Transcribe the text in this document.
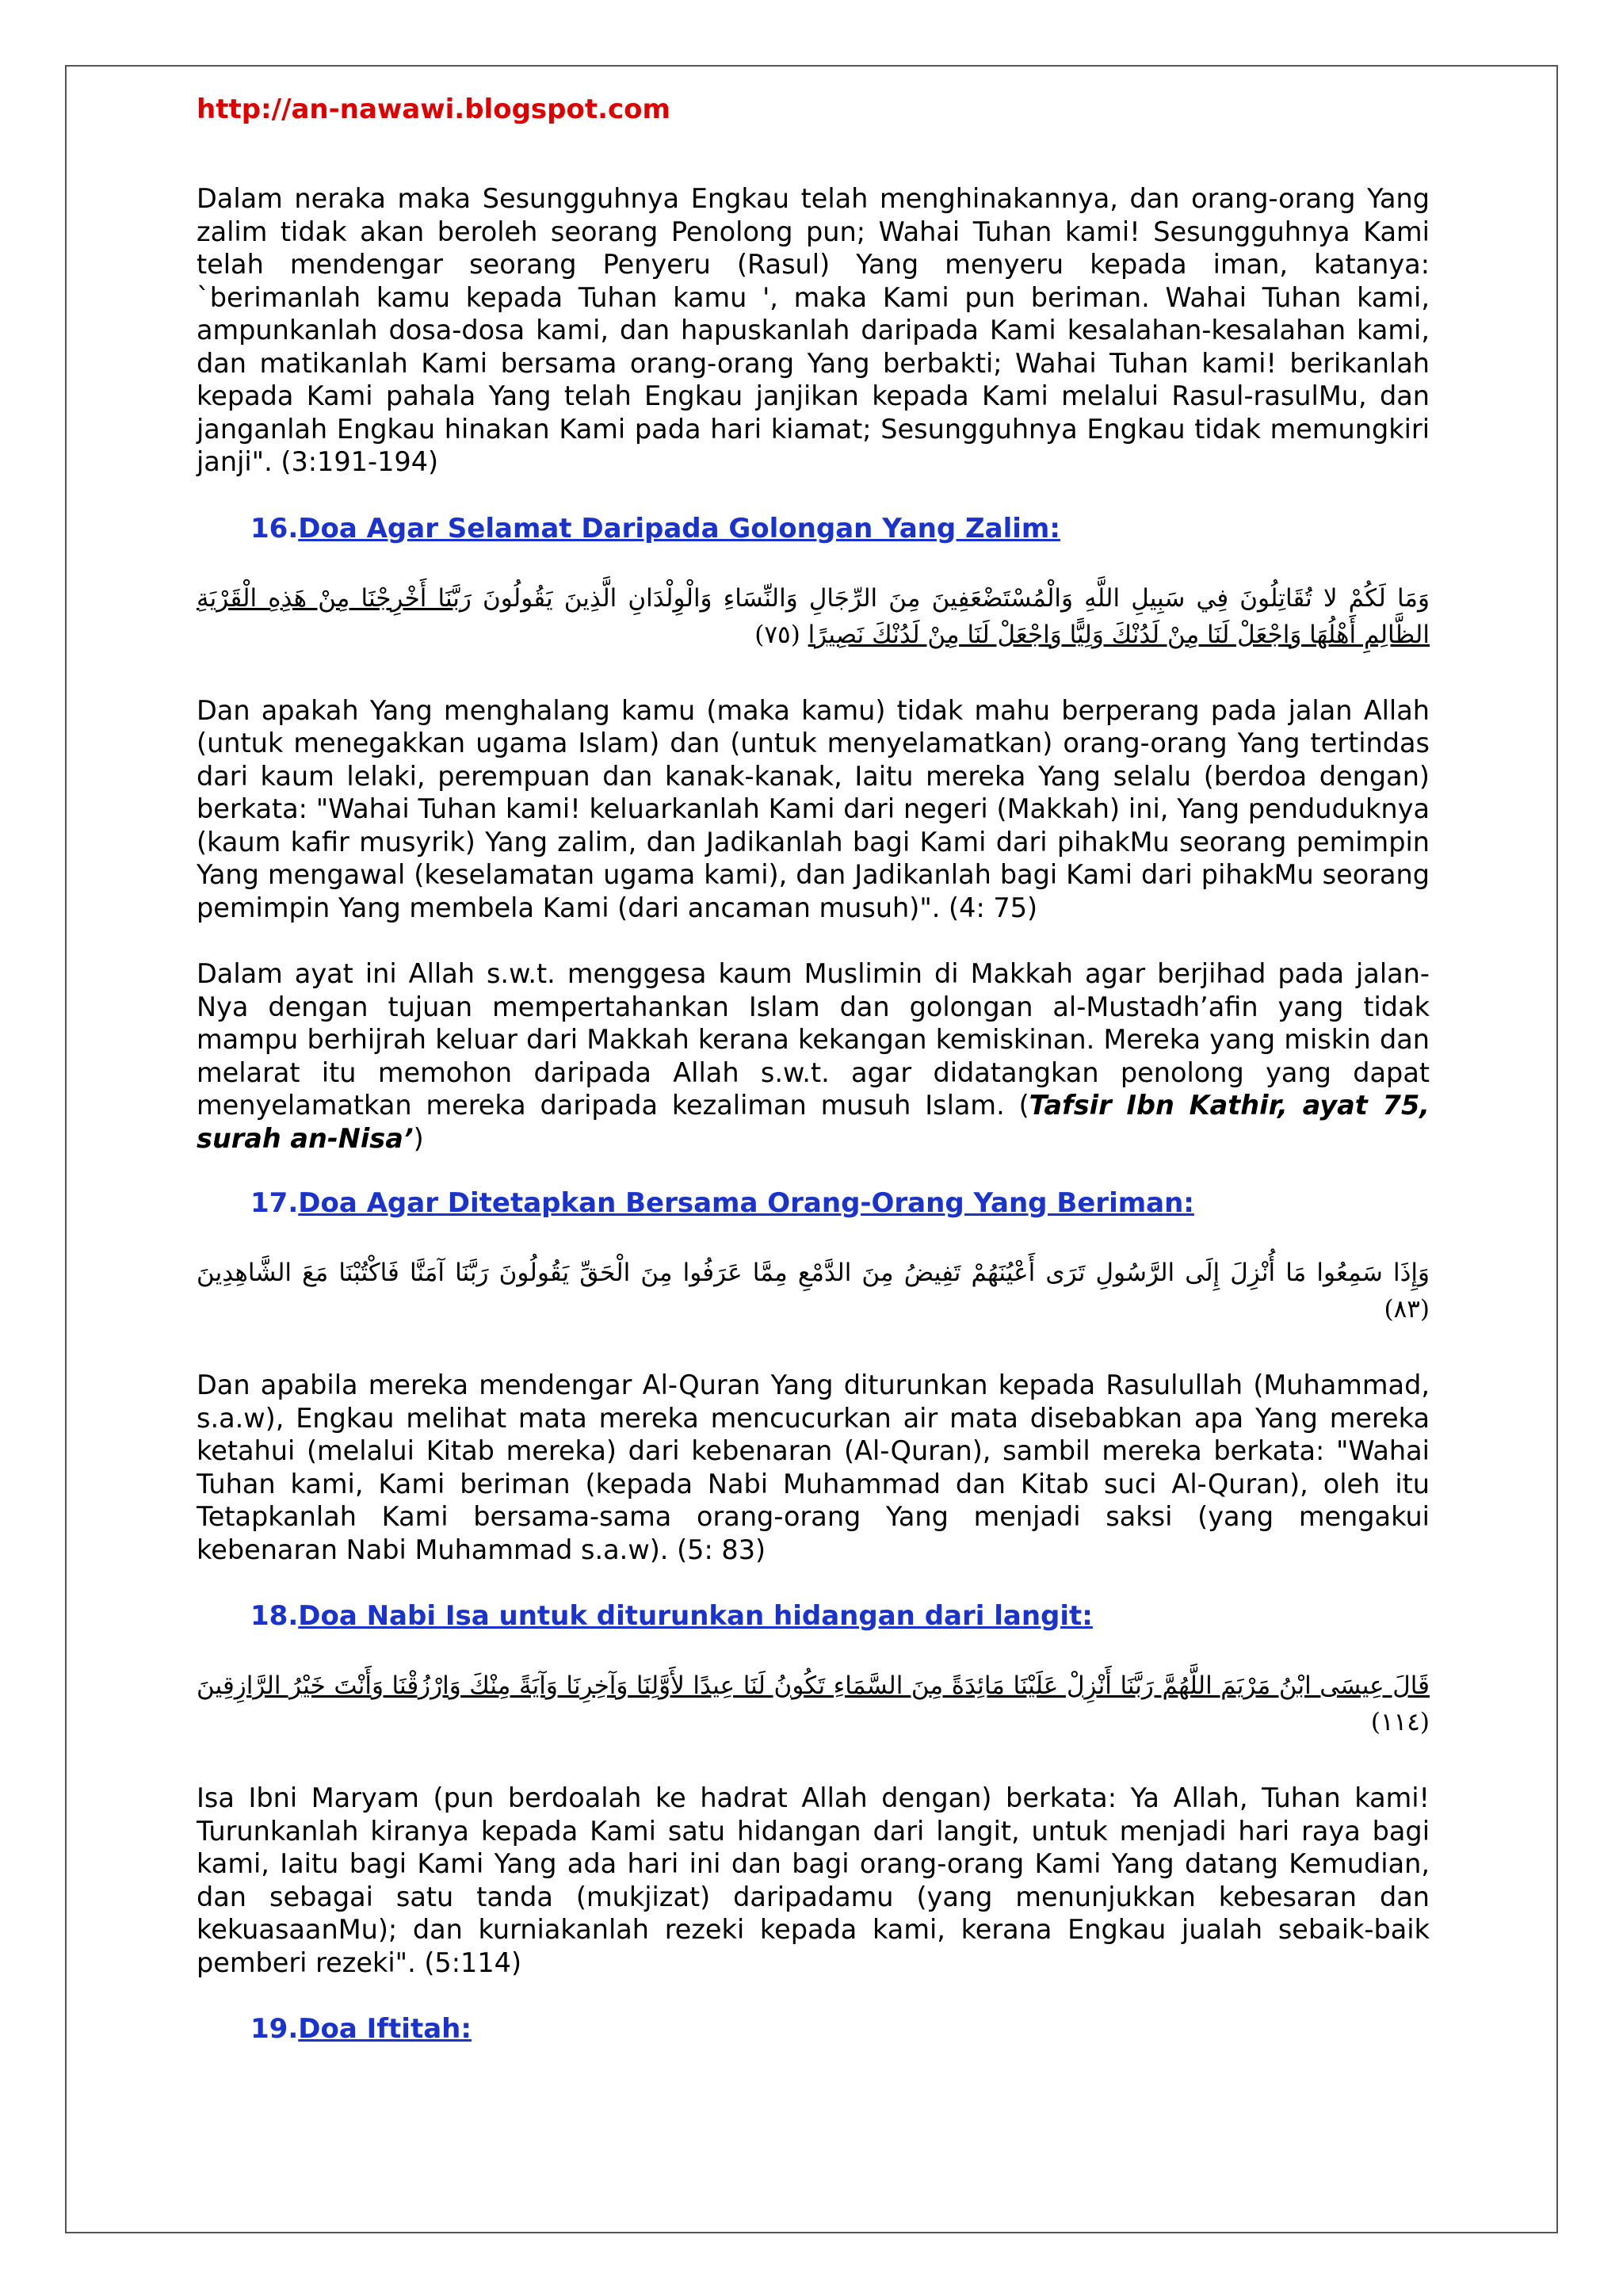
http://an-nawawi.blogspot.com

Dalam neraka maka Sesungguhnya Engkau telah menghinakannya, dan orang-orang Yang zalim tidak akan beroleh seorang Penolong pun; Wahai Tuhan kami! Sesungguhnya Kami telah mendengar seorang Penyeru (Rasul) Yang menyeru kepada iman, katanya: `berimanlah kamu kepada Tuhan kamu ', maka Kami pun beriman. Wahai Tuhan kami, ampunkanlah dosa-dosa kami, dan hapuskanlah daripada Kami kesalahan-kesalahan kami, dan matikanlah Kami bersama orang-orang Yang berbakti; Wahai Tuhan kami! berikanlah kepada Kami pahala Yang telah Engkau janjikan kepada Kami melalui Rasul-rasulMu, dan janganlah Engkau hinakan Kami pada hari kiamat; Sesungguhnya Engkau tidak memungkiri janji". (3:191-194)

16.Doa Agar Selamat Daripada Golongan Yang Zalim:
وَمَا لَكُمْ لا تُقَاتِلُونَ فِي سَبِيلِ اللَّهِ وَالْمُسْتَضْعَفِينَ مِنَ الرِّجَالِ وَالنِّسَاءِ وَالْوِلْدَانِ الَّذِينَ يَقُولُونَ رَبَّنَا أَخْرِجْنَا مِنْ هَذِهِ الْقَرْيَةِ الظَّالِمِ أَهْلُهَا وَاجْعَلْ لَنَا مِنْ لَدُنْكَ وَلِيًّا وَاجْعَلْ لَنَا مِنْ لَدُنْكَ نَصِيرًا (٧٥)

Dan apakah Yang menghalang kamu (maka kamu) tidak mahu berperang pada jalan Allah (untuk menegakkan ugama Islam) dan (untuk menyelamatkan) orang-orang Yang tertindas dari kaum lelaki, perempuan dan kanak-kanak, Iaitu mereka Yang selalu (berdoa dengan) berkata: "Wahai Tuhan kami! keluarkanlah Kami dari negeri (Makkah) ini, Yang penduduknya (kaum kafir musyrik) Yang zalim, dan Jadikanlah bagi Kami dari pihakMu seorang pemimpin Yang mengawal (keselamatan ugama kami), dan Jadikanlah bagi Kami dari pihakMu seorang pemimpin Yang membela Kami (dari ancaman musuh)". (4: 75)

Dalam ayat ini Allah s.w.t. menggesa kaum Muslimin di Makkah agar berjihad pada jalan-Nya dengan tujuan mempertahankan Islam dan golongan al-Mustadh’afin yang tidak mampu berhijrah keluar dari Makkah kerana kekangan kemiskinan. Mereka yang miskin dan melarat itu memohon daripada Allah s.w.t. agar didatangkan penolong yang dapat menyelamatkan mereka daripada kezaliman musuh Islam. (Tafsir Ibn Kathir, ayat 75, surah an-Nisa’)

17.Doa Agar Ditetapkan Bersama Orang-Orang Yang Beriman:
وَإِذَا سَمِعُوا مَا أُنْزِلَ إِلَى الرَّسُولِ تَرَى أَعْيُنَهُمْ تَفِيضُ مِنَ الدَّمْعِ مِمَّا عَرَفُوا مِنَ الْحَقِّ يَقُولُونَ رَبَّنَا آمَنَّا فَاكْتُبْنَا مَعَ الشَّاهِدِينَ (٨٣)

Dan apabila mereka mendengar Al-Quran Yang diturunkan kepada Rasulullah (Muhammad, s.a.w), Engkau melihat mata mereka mencucurkan air mata disebabkan apa Yang mereka ketahui (melalui Kitab mereka) dari kebenaran (Al-Quran), sambil mereka berkata: "Wahai Tuhan kami, Kami beriman (kepada Nabi Muhammad dan Kitab suci Al-Quran), oleh itu Tetapkanlah Kami bersama-sama orang-orang Yang menjadi saksi (yang mengakui kebenaran Nabi Muhammad s.a.w). (5: 83)

18.Doa Nabi Isa untuk diturunkan hidangan dari langit:
قَالَ عِيسَى ابْنُ مَرْيَمَ اللَّهُمَّ رَبَّنَا أَنْزِلْ عَلَيْنَا مَائِدَةً مِنَ السَّمَاءِ تَكُونُ لَنَا عِيدًا لأَوَّلِنَا وَآخِرِنَا وَآيَةً مِنْكَ وَارْزُقْنَا وَأَنْتَ خَيْرُ الرَّازِقِينَ (١١٤)

Isa Ibni Maryam (pun berdoalah ke hadrat Allah dengan) berkata: Ya Allah, Tuhan kami! Turunkanlah kiranya kepada Kami satu hidangan dari langit, untuk menjadi hari raya bagi kami, Iaitu bagi Kami Yang ada hari ini dan bagi orang-orang Kami Yang datang Kemudian, dan sebagai satu tanda (mukjizat) daripadamu (yang menunjukkan kebesaran dan kekuasaanMu); dan kurniakanlah rezeki kepada kami, kerana Engkau jualah sebaik-baik pemberi rezeki". (5:114)

19.Doa Iftitah:
